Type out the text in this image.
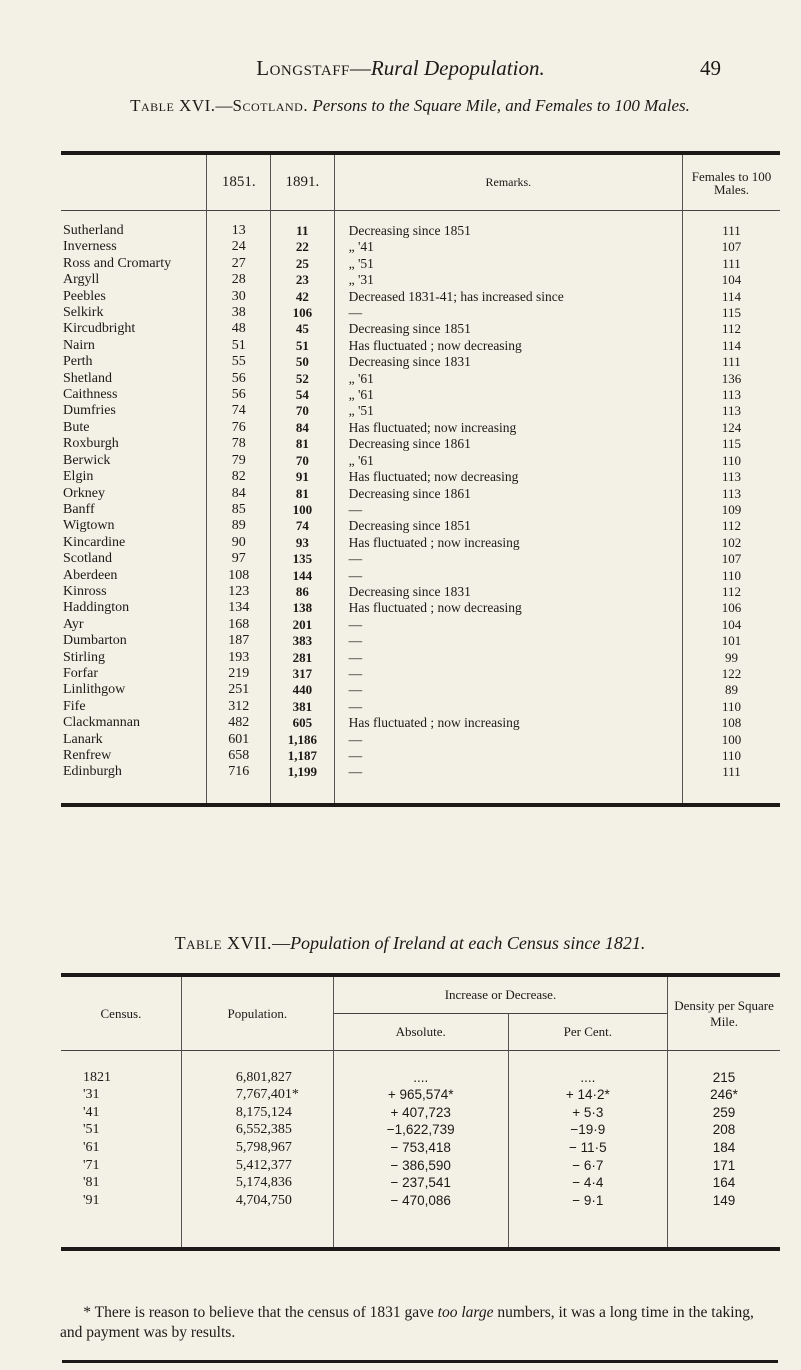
Longstaff—Rural Depopulation.	49
Table XVI.—Scotland. Persons to the Square Mile, and Females to 100 Males.
	1851.	1891.	Remarks.	Females to 100 Males.

Sutherland	13	11	Decreasing since 1851	111
Inverness	24	22	„ '41	107
Ross and Cromarty	27	25	„ '51	111
Argyll	28	23	„ '31	104
Peebles	30	42	Decreased 1831-41; has increased since	114
Selkirk	38	106	—	115
Kircudbright	48	45	Decreasing since 1851	112
Nairn	51	51	Has fluctuated ; now decreasing	114
Perth	55	50	Decreasing since 1831	111
Shetland	56	52	„ '61	136
Caithness	56	54	„ '61	113
Dumfries	74	70	„ '51	113
Bute	76	84	Has fluctuated; now increasing	124
Roxburgh	78	81	Decreasing since 1861	115
Berwick	79	70	„ '61	110
Elgin	82	91	Has fluctuated; now decreasing	113
Orkney	84	81	Decreasing since 1861	113
Banff	85	100	—	109
Wigtown	89	74	Decreasing since 1851	112
Kincardine	90	93	Has fluctuated ; now increasing	102
Scotland	97	135	—	107
Aberdeen	108	144	—	110
Kinross	123	86	Decreasing since 1831	112
Haddington	134	138	Has fluctuated ; now decreasing	106
Ayr	168	201	—	104
Dumbarton	187	383	—	101
Stirling	193	281	—	99
Forfar	219	317	—	122
Linlithgow	251	440	—	89
Fife	312	381	—	110
Clackmannan	482	605	Has fluctuated ; now increasing	108
Lanark	601	1,186	—	100
Renfrew	658	1,187	—	110
Edinburgh	716	1,199	—	111

Table XVII.—Population of Ireland at each Census since 1821.
Census.	Population.	Increase or Decrease.		Density per Square Mile.
		Absolute.	Per Cent.	

1821	6,801,827	....	....	215
'31	7,767,401*	+ 965,574*	+ 14·2*	246*
'41	8,175,124	+ 407,723	+ 5·3	259
'51	6,552,385	−1,622,739	−19·9	208
'61	5,798,967	− 753,418	− 11·5	184
'71	5,412,377	− 386,590	− 6·7	171
'81	5,174,836	− 237,541	− 4·4	164
'91	4,704,750	− 470,086	− 9·1	149

* There is reason to believe that the census of 1831 gave too large numbers, it was a long time in the taking, and payment was by results.
